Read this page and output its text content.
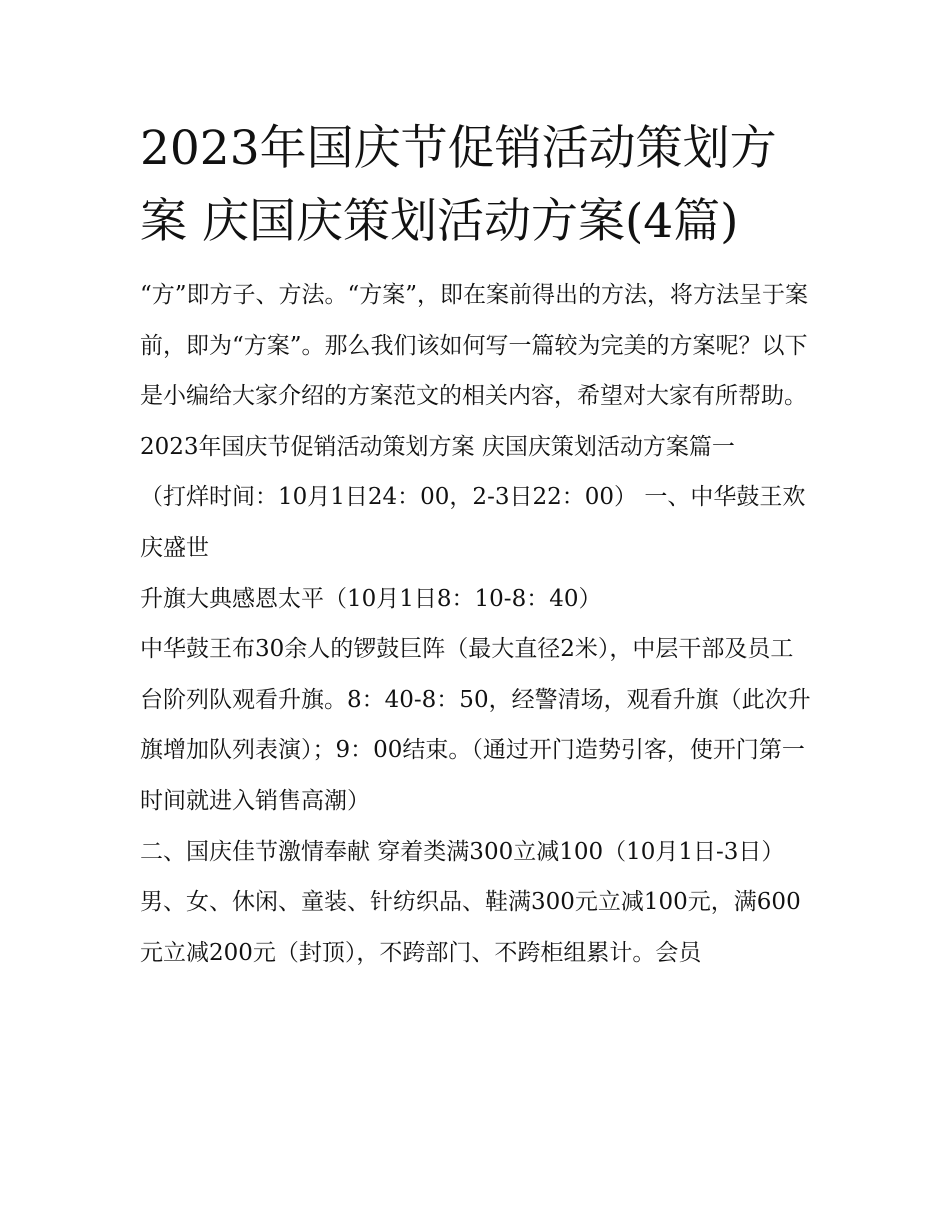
2023年国庆节促销活动策划方案 庆国庆策划活动方案(4篇)

“方”即方子、方法。“方案”，即在案前得出的方法，将方法呈于案前，即为“方案”。那么我们该如何写一篇较为完美的方案呢？以下是小编给大家介绍的方案范文的相关内容，希望对大家有所帮助。

2023年国庆节促销活动策划方案 庆国庆策划活动方案篇一

（打烊时间：10月1日24：00，2-3日22：00） 一、中华鼓王欢庆盛世

升旗大典感恩太平（10月1日8：10-8：40）

中华鼓王布30余人的锣鼓巨阵（最大直径2米），中层干部及员工台阶列队观看升旗。8：40-8：50，经警清场，观看升旗（此次升旗增加队列表演）；9：00结束。（通过开门造势引客，使开门第一时间就进入销售高潮）

二、国庆佳节激情奉献 穿着类满300立减100（10月1日-3日）

男、女、休闲、童装、针纺织品、鞋满300元立减100元，满600元立减200元（封顶），不跨部门、不跨柜组累计。会员
